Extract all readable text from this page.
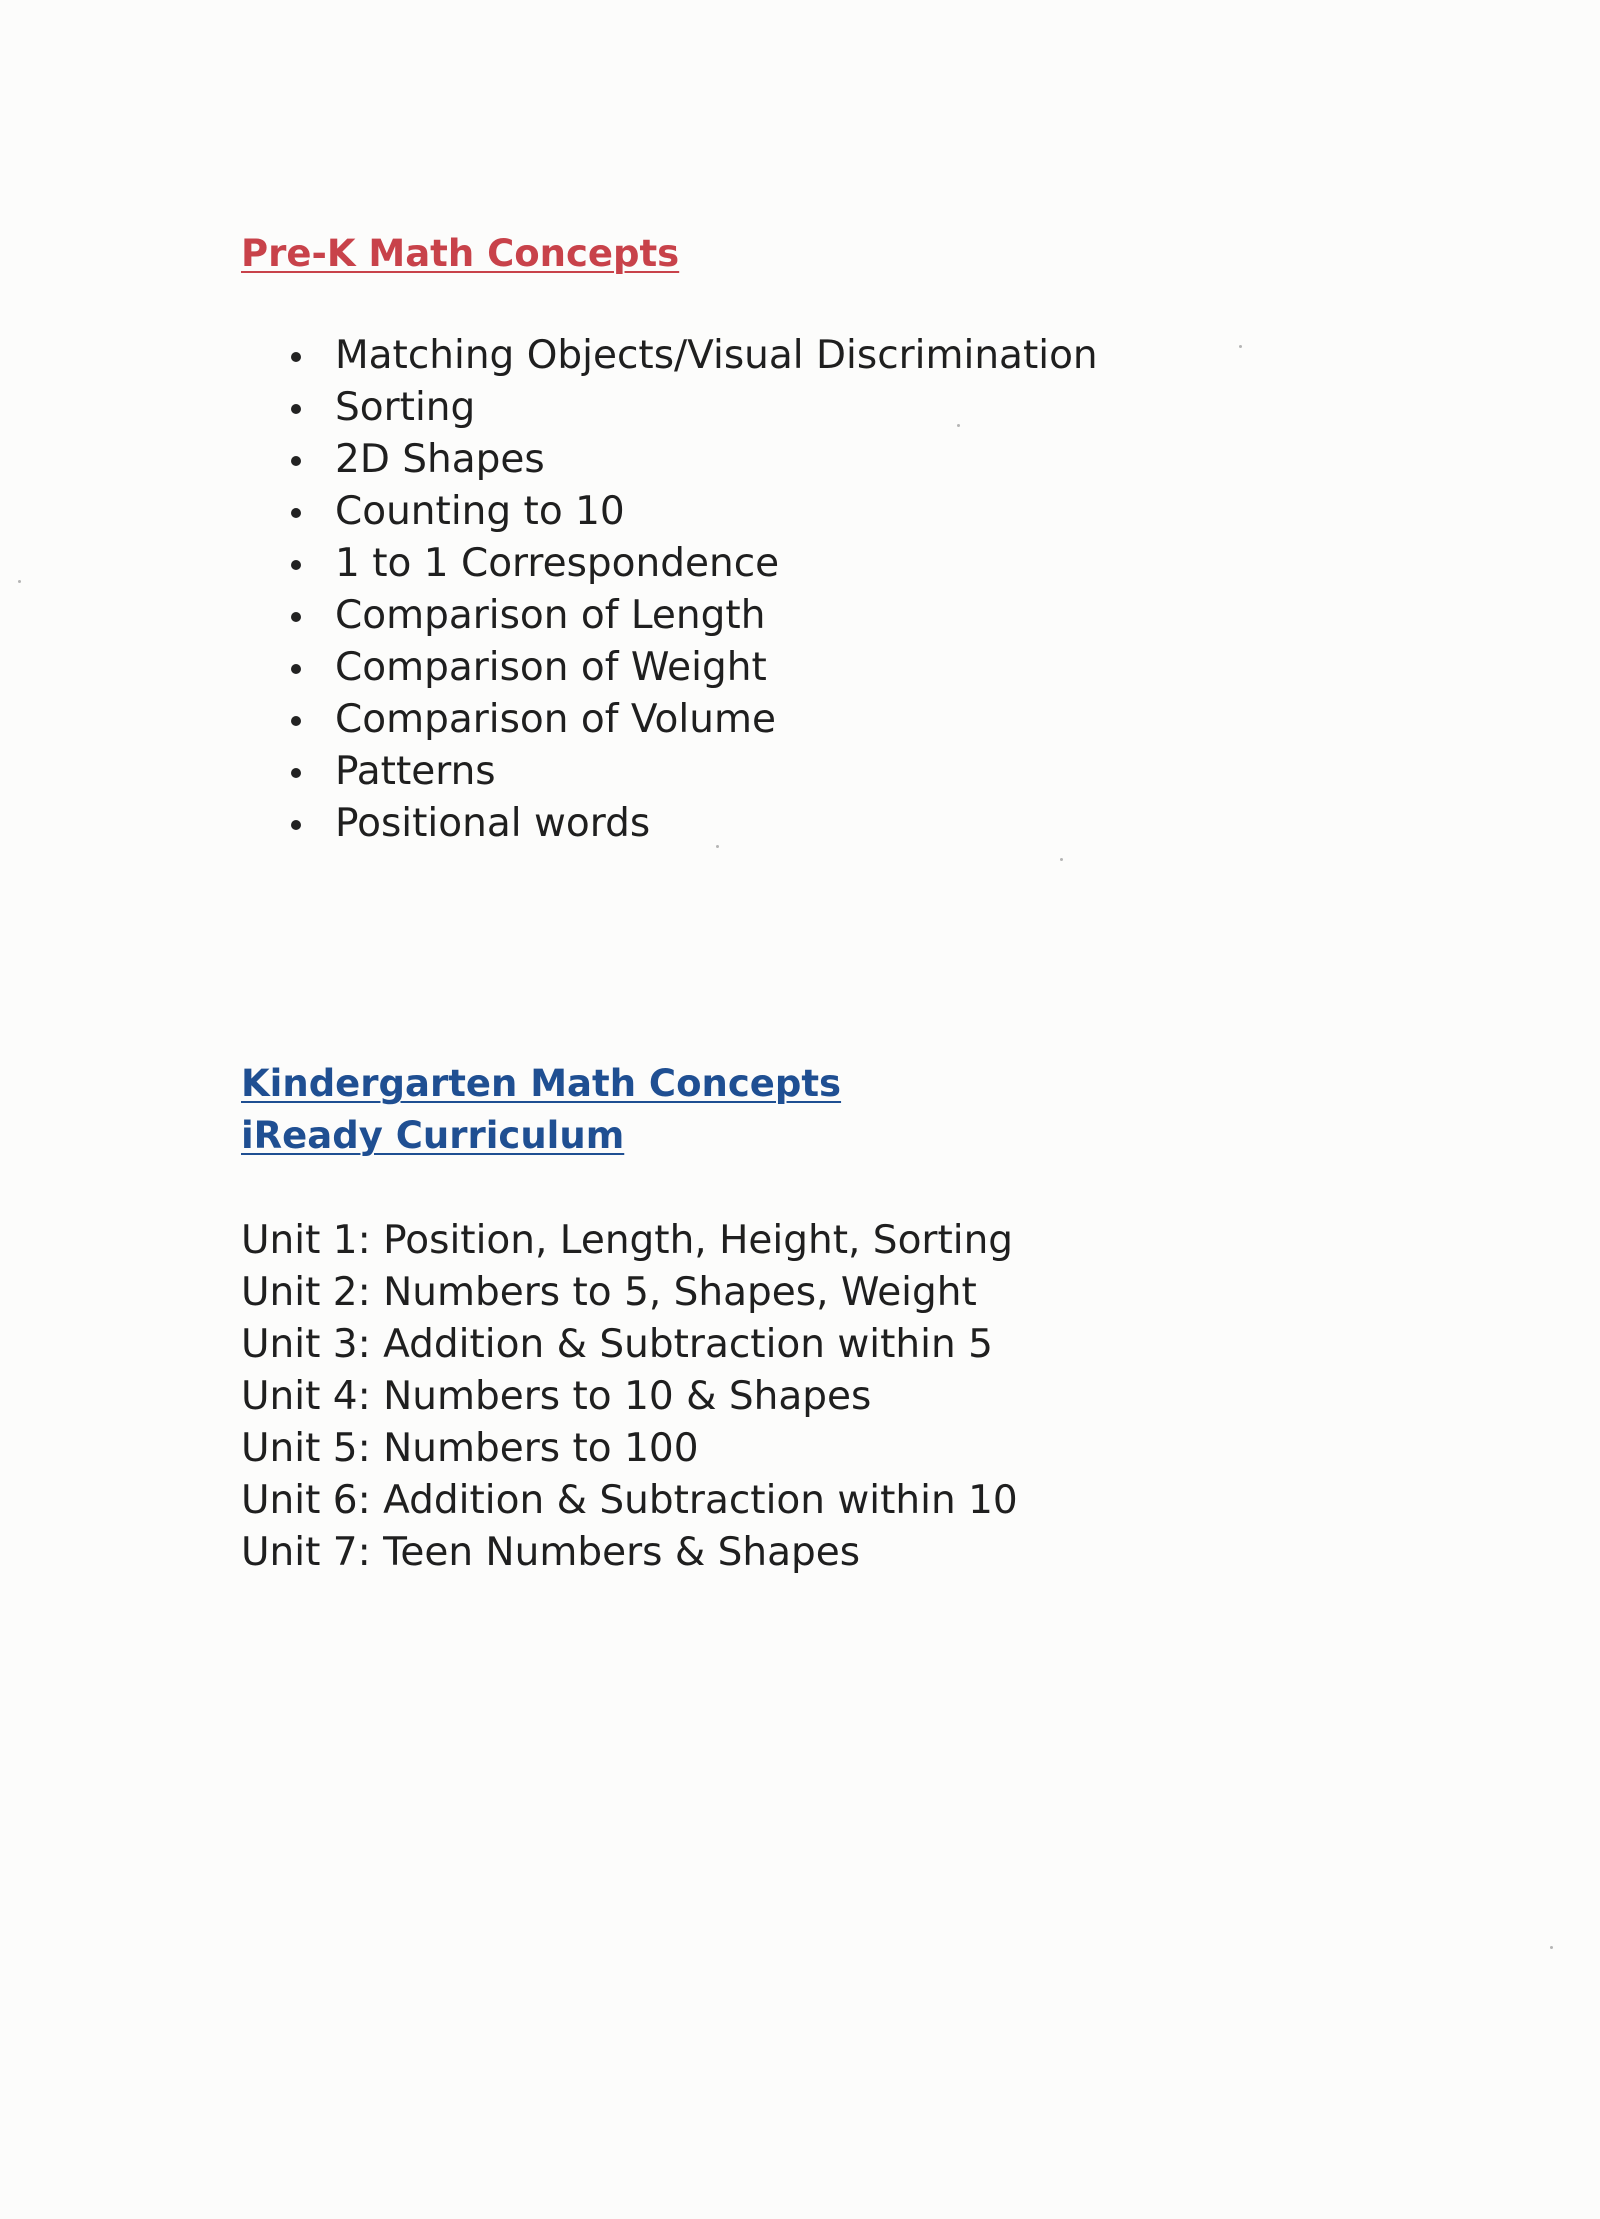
Pre-K Math Concepts
Matching Objects/Visual Discrimination
Sorting
2D Shapes
Counting to 10
1 to 1 Correspondence
Comparison of Length
Comparison of Weight
Comparison of Volume
Patterns
Positional words
Kindergarten Math Concepts
iReady Curriculum
Unit 1: Position, Length, Height, Sorting
Unit 2: Numbers to 5, Shapes, Weight
Unit 3: Addition & Subtraction within 5
Unit 4: Numbers to 10 & Shapes
Unit 5: Numbers to 100
Unit 6: Addition & Subtraction within 10
Unit 7: Teen Numbers & Shapes
